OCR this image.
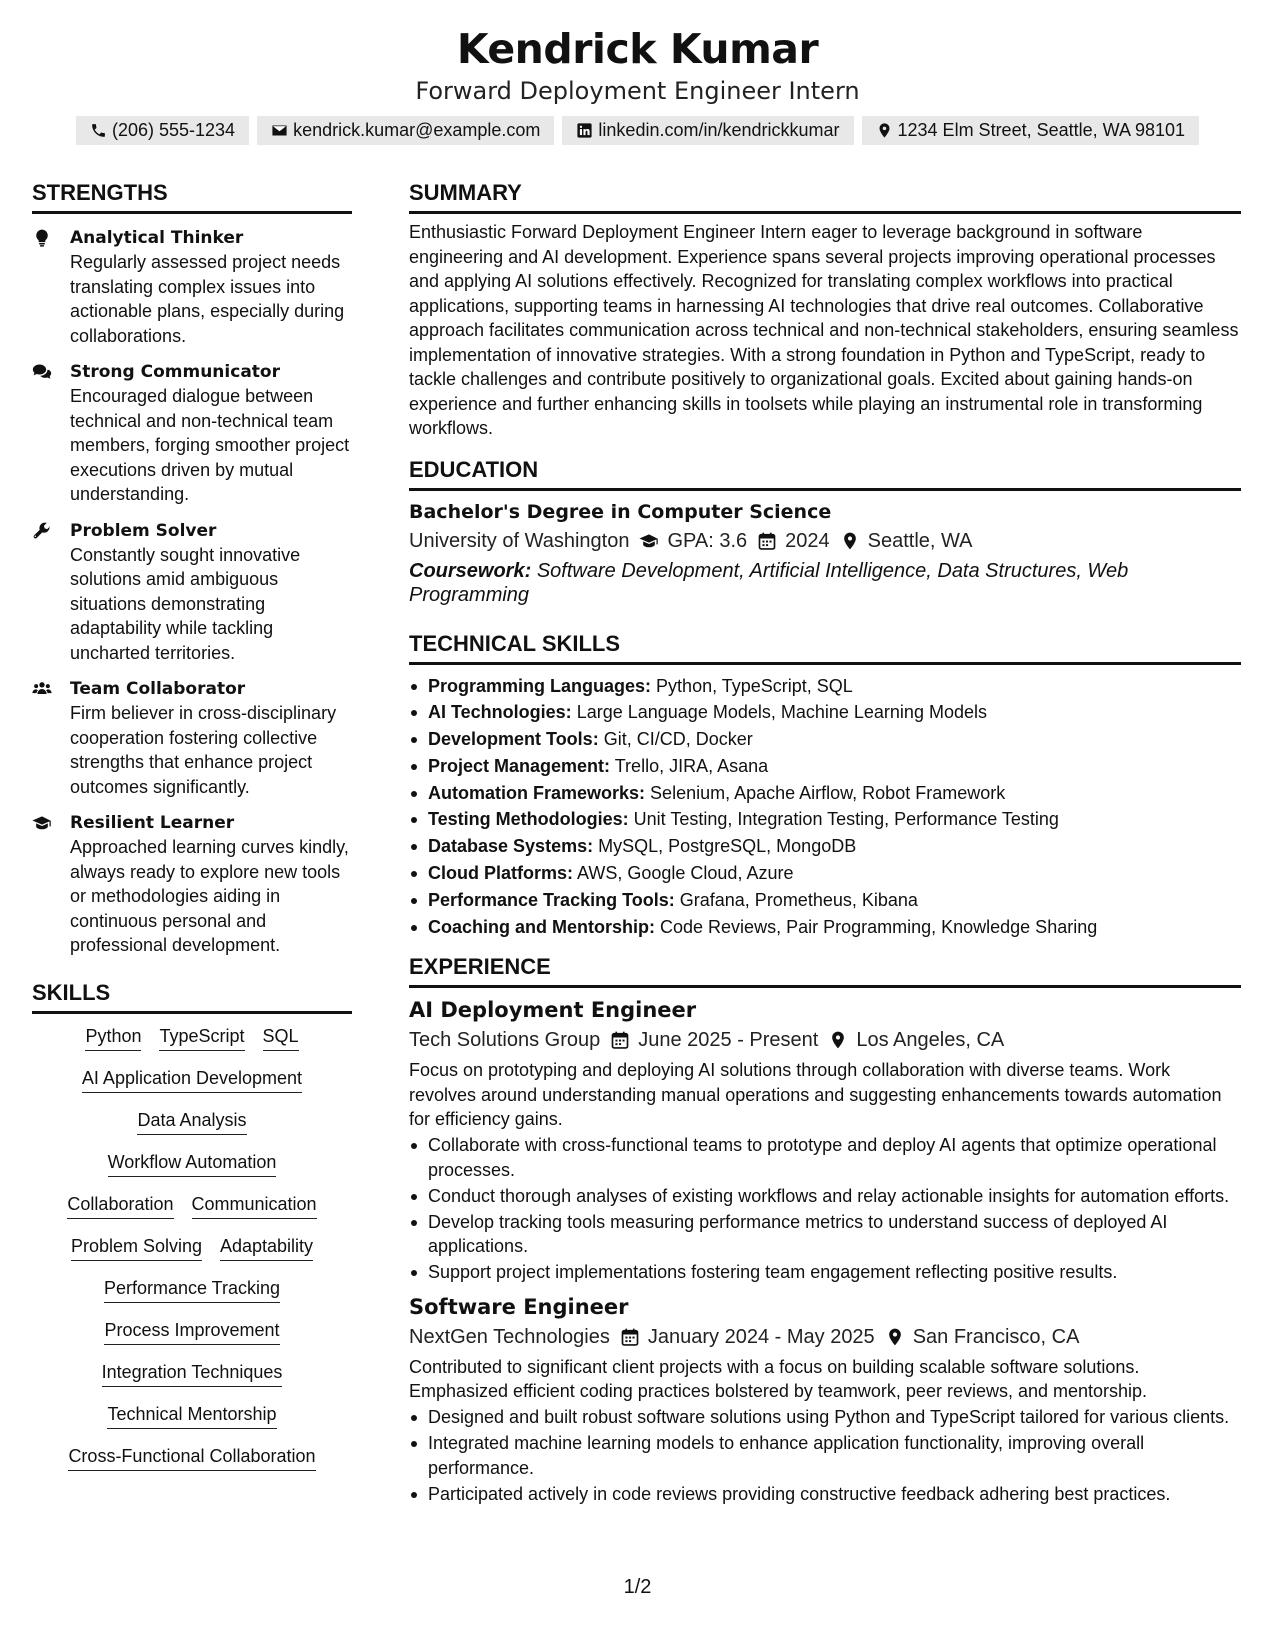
Kendrick Kumar
Forward Deployment Engineer Intern
(206) 555-1234	kendrick.kumar@example.com	linkedin.com/in/kendrickkumar	1234 Elm Street, Seattle, WA 98101
STRENGTHS
Analytical Thinker
Regularly assessed project needs translating complex issues into actionable plans, especially during collaborations.
Strong Communicator
Encouraged dialogue between technical and non-technical team members, forging smoother project executions driven by mutual understanding.
Problem Solver
Constantly sought innovative solutions amid ambiguous situations demonstrating adaptability while tackling uncharted territories.
Team Collaborator
Firm believer in cross-disciplinary cooperation fostering collective strengths that enhance project outcomes significantly.
Resilient Learner
Approached learning curves kindly, always ready to explore new tools or methodologies aiding in continuous personal and professional development.
SKILLS
Python TypeScript SQL
AI Application Development
Data Analysis
Workflow Automation
Collaboration Communication
Problem Solving Adaptability
Performance Tracking
Process Improvement
Integration Techniques
Technical Mentorship
Cross-Functional Collaboration
SUMMARY
Enthusiastic Forward Deployment Engineer Intern eager to leverage background in software engineering and AI development. Experience spans several projects improving operational processes and applying AI solutions effectively. Recognized for translating complex workflows into practical applications, supporting teams in harnessing AI technologies that drive real outcomes. Collaborative approach facilitates communication across technical and non-technical stakeholders, ensuring seamless implementation of innovative strategies. With a strong foundation in Python and TypeScript, ready to tackle challenges and contribute positively to organizational goals. Excited about gaining hands-on experience and further enhancing skills in toolsets while playing an instrumental role in transforming workflows.
EDUCATION
Bachelor's Degree in Computer Science
University of Washington GPA: 3.6 2024 Seattle, WA
Coursework: Software Development, Artificial Intelligence, Data Structures, Web Programming
TECHNICAL SKILLS
Programming Languages: Python, TypeScript, SQL
AI Technologies: Large Language Models, Machine Learning Models
Development Tools: Git, CI/CD, Docker
Project Management: Trello, JIRA, Asana
Automation Frameworks: Selenium, Apache Airflow, Robot Framework
Testing Methodologies: Unit Testing, Integration Testing, Performance Testing
Database Systems: MySQL, PostgreSQL, MongoDB
Cloud Platforms: AWS, Google Cloud, Azure
Performance Tracking Tools: Grafana, Prometheus, Kibana
Coaching and Mentorship: Code Reviews, Pair Programming, Knowledge Sharing
EXPERIENCE
AI Deployment Engineer
Tech Solutions Group June 2025 - Present Los Angeles, CA
Focus on prototyping and deploying AI solutions through collaboration with diverse teams. Work revolves around understanding manual operations and suggesting enhancements towards automation for efficiency gains.
Collaborate with cross-functional teams to prototype and deploy AI agents that optimize operational processes.
Conduct thorough analyses of existing workflows and relay actionable insights for automation efforts.
Develop tracking tools measuring performance metrics to understand success of deployed AI applications.
Support project implementations fostering team engagement reflecting positive results.
Software Engineer
NextGen Technologies January 2024 - May 2025 San Francisco, CA
Contributed to significant client projects with a focus on building scalable software solutions. Emphasized efficient coding practices bolstered by teamwork, peer reviews, and mentorship.
Designed and built robust software solutions using Python and TypeScript tailored for various clients.
Integrated machine learning models to enhance application functionality, improving overall performance.
Participated actively in code reviews providing constructive feedback adhering best practices.
1/2
